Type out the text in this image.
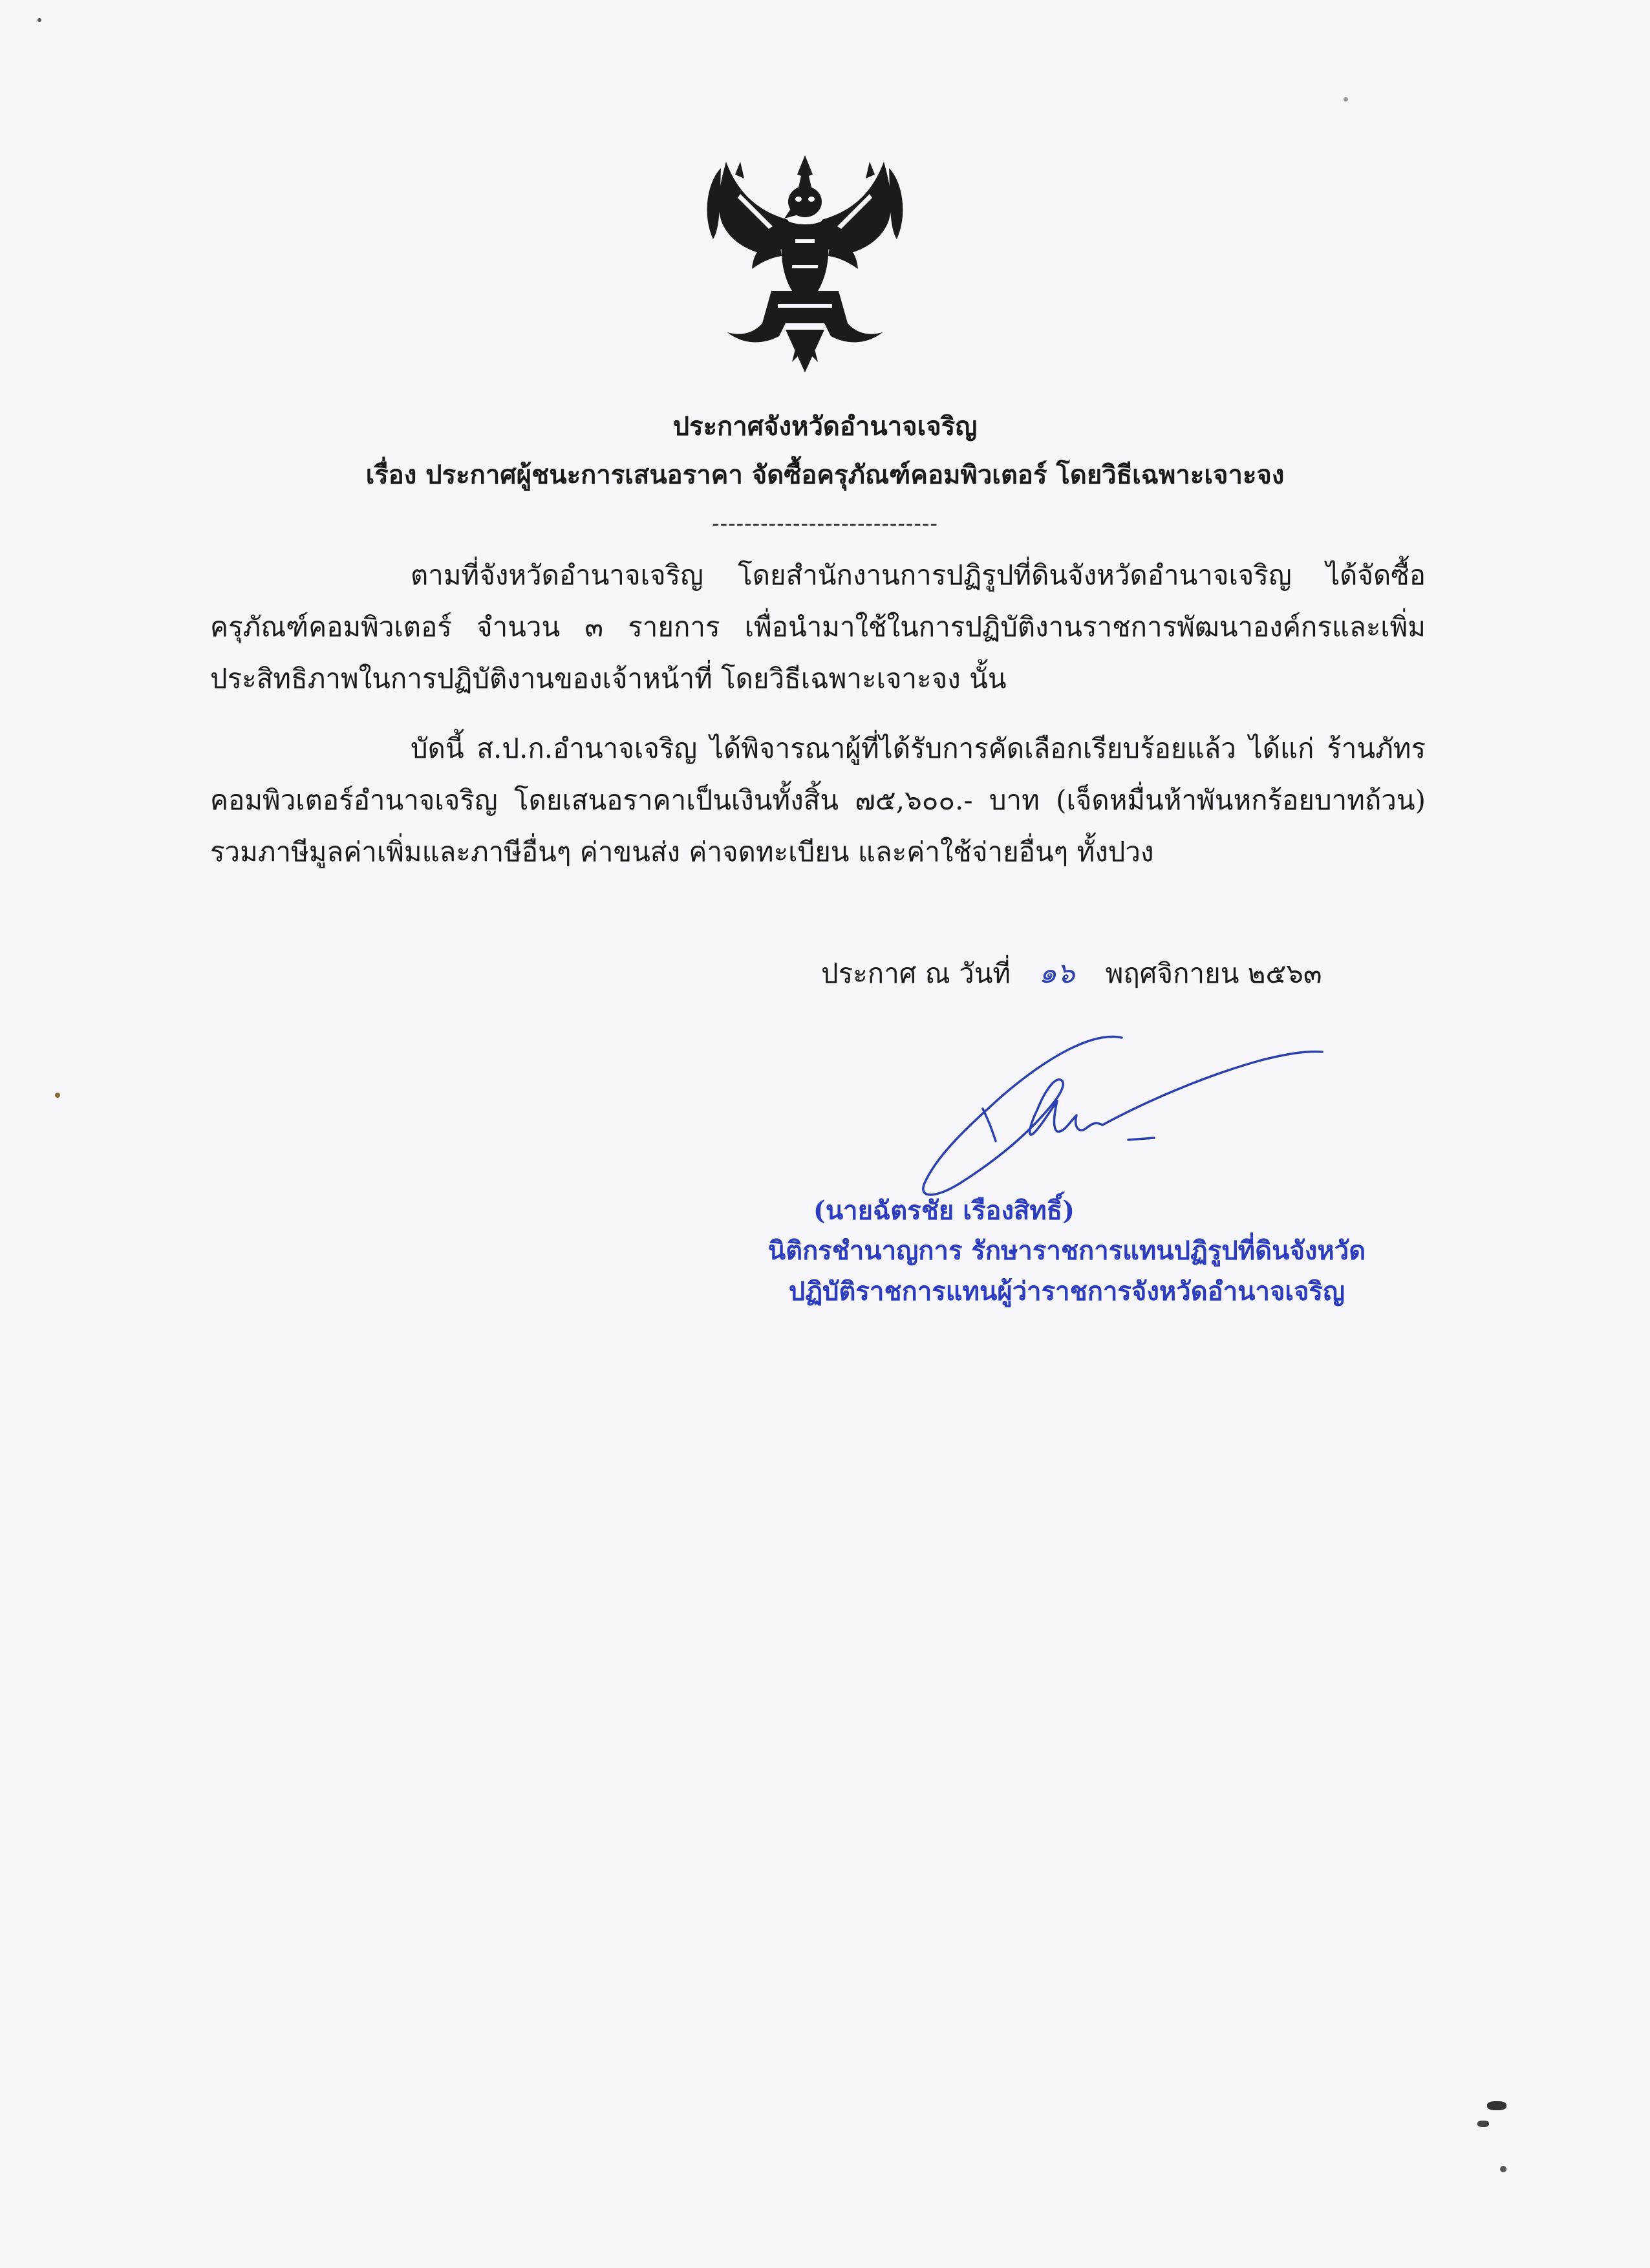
ประกาศจังหวัดอำนาจเจริญ
เรื่อง ประกาศผู้ชนะการเสนอราคา จัดซื้อครุภัณฑ์คอมพิวเตอร์ โดยวิธีเฉพาะเจาะจง
----------------------------
ตามที่จังหวัดอำนาจเจริญ โดยสำนักงานการปฏิรูปที่ดินจังหวัดอำนาจเจริญ ได้จัดซื้อ
ครุภัณฑ์คอมพิวเตอร์ จำนวน ๓ รายการ เพื่อนำมาใช้ในการปฏิบัติงานราชการพัฒนาองค์กรและเพิ่ม
ประสิทธิภาพในการปฏิบัติงานของเจ้าหน้าที่ โดยวิธีเฉพาะเจาะจง นั้น
บัดนี้ ส.ป.ก.อำนาจเจริญ ได้พิจารณาผู้ที่ได้รับการคัดเลือกเรียบร้อยแล้ว ได้แก่ ร้านภัทร
คอมพิวเตอร์อำนาจเจริญ โดยเสนอราคาเป็นเงินทั้งสิ้น ๗๕,๖๐๐.- บาท (เจ็ดหมื่นห้าพันหกร้อยบาทถ้วน)
รวมภาษีมูลค่าเพิ่มและภาษีอื่นๆ ค่าขนส่ง ค่าจดทะเบียน และค่าใช้จ่ายอื่นๆ ทั้งปวง
ประกาศ ณ วันที่ ๑๖ พฤศจิกายน ๒๕๖๓
(นายฉัตรชัย เรืองสิทธิ์)
นิติกรชำนาญการ รักษาราชการแทนปฏิรูปที่ดินจังหวัด
ปฏิบัติราชการแทนผู้ว่าราชการจังหวัดอำนาจเจริญ
